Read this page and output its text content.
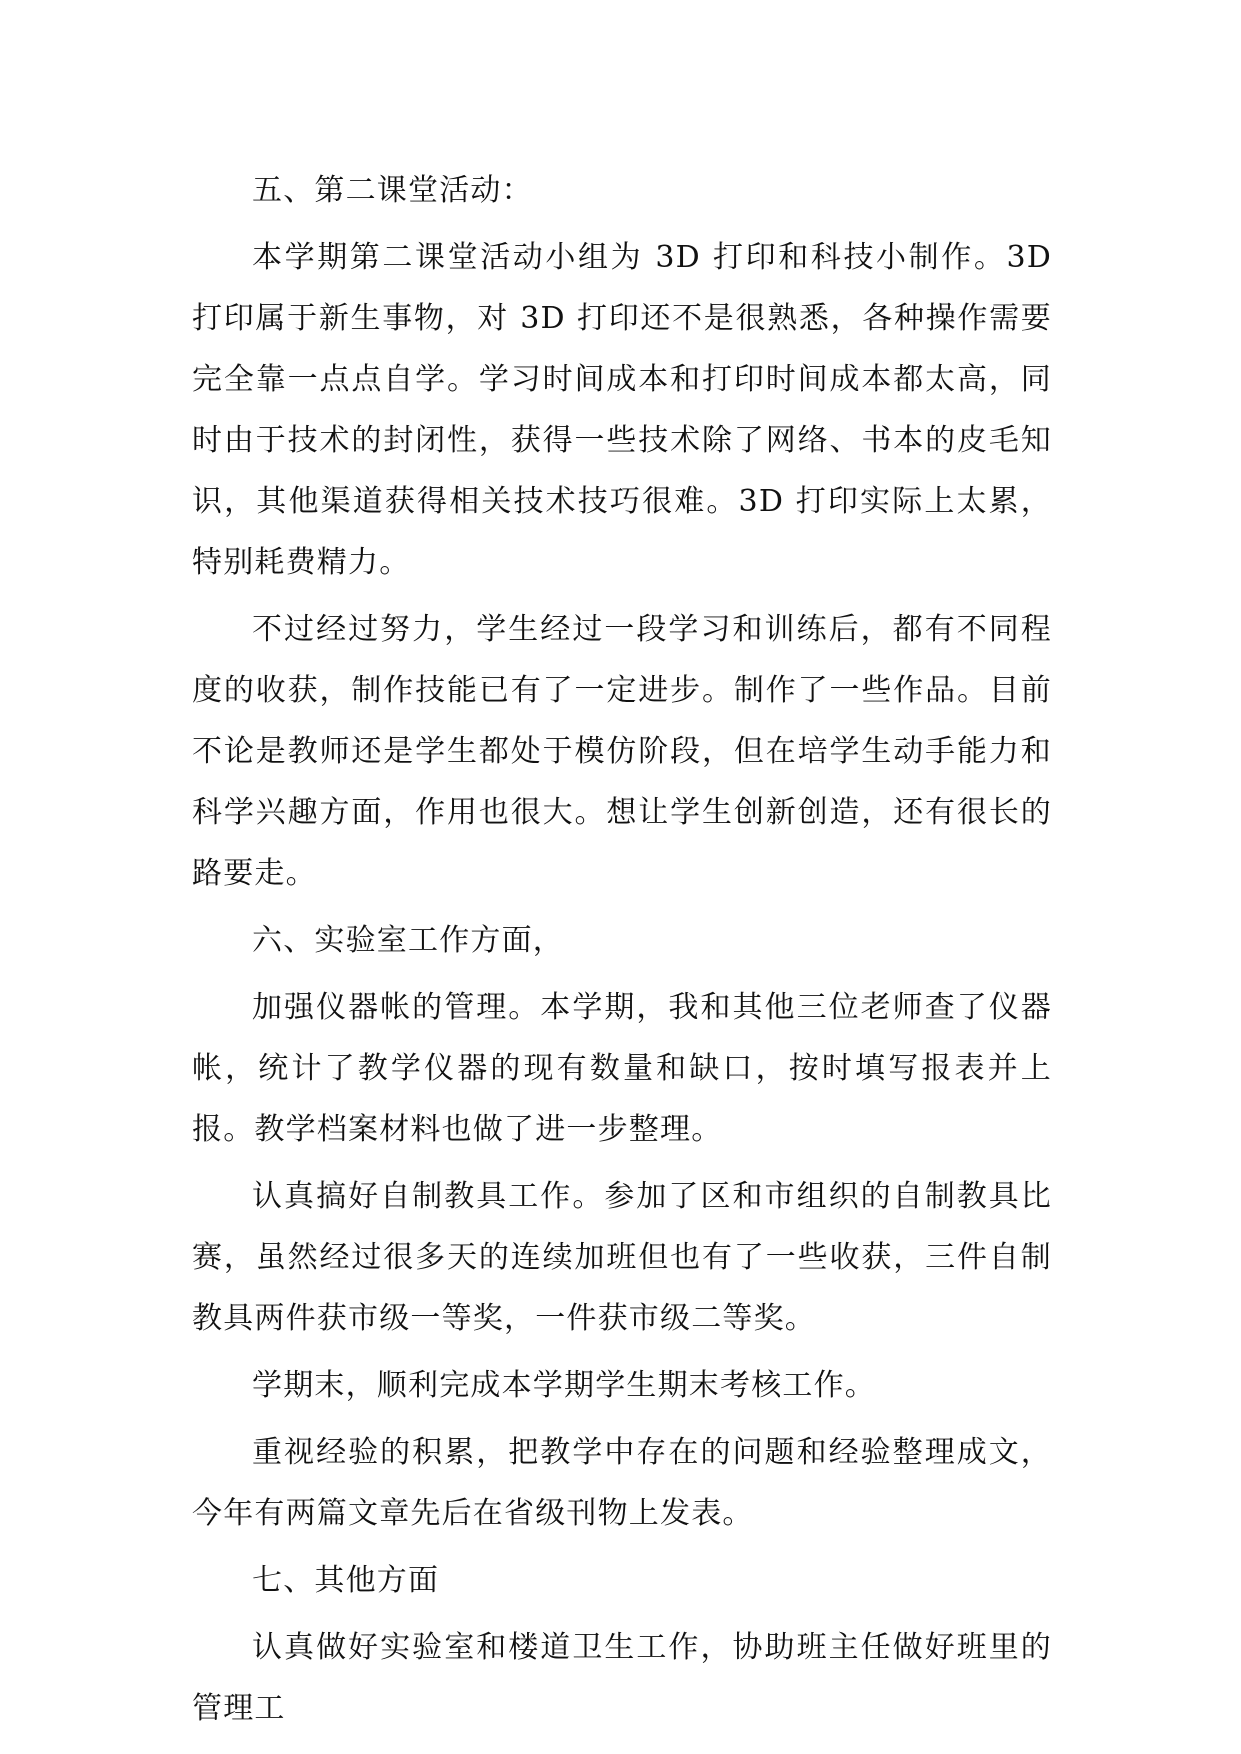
五、第二课堂活动：

本学期第二课堂活动小组为 3D 打印和科技小制作。3D 打印属于新生事物，对 3D 打印还不是很熟悉，各种操作需要完全靠一点点自学。学习时间成本和打印时间成本都太高，同时由于技术的封闭性，获得一些技术除了网络、书本的皮毛知识，其他渠道获得相关技术技巧很难。3D 打印实际上太累，特别耗费精力。

不过经过努力，学生经过一段学习和训练后，都有不同程度的收获，制作技能已有了一定进步。制作了一些作品。目前不论是教师还是学生都处于模仿阶段，但在培学生动手能力和科学兴趣方面，作用也很大。想让学生创新创造，还有很长的路要走。

六、实验室工作方面，

加强仪器帐的管理。本学期，我和其他三位老师查了仪器帐，统计了教学仪器的现有数量和缺口，按时填写报表并上报。教学档案材料也做了进一步整理。

认真搞好自制教具工作。参加了区和市组织的自制教具比赛，虽然经过很多天的连续加班但也有了一些收获，三件自制教具两件获市级一等奖，一件获市级二等奖。

学期末，顺利完成本学期学生期末考核工作。

重视经验的积累，把教学中存在的问题和经验整理成文，今年有两篇文章先后在省级刊物上发表。

七、其他方面

认真做好实验室和楼道卫生工作，协助班主任做好班里的管理工
